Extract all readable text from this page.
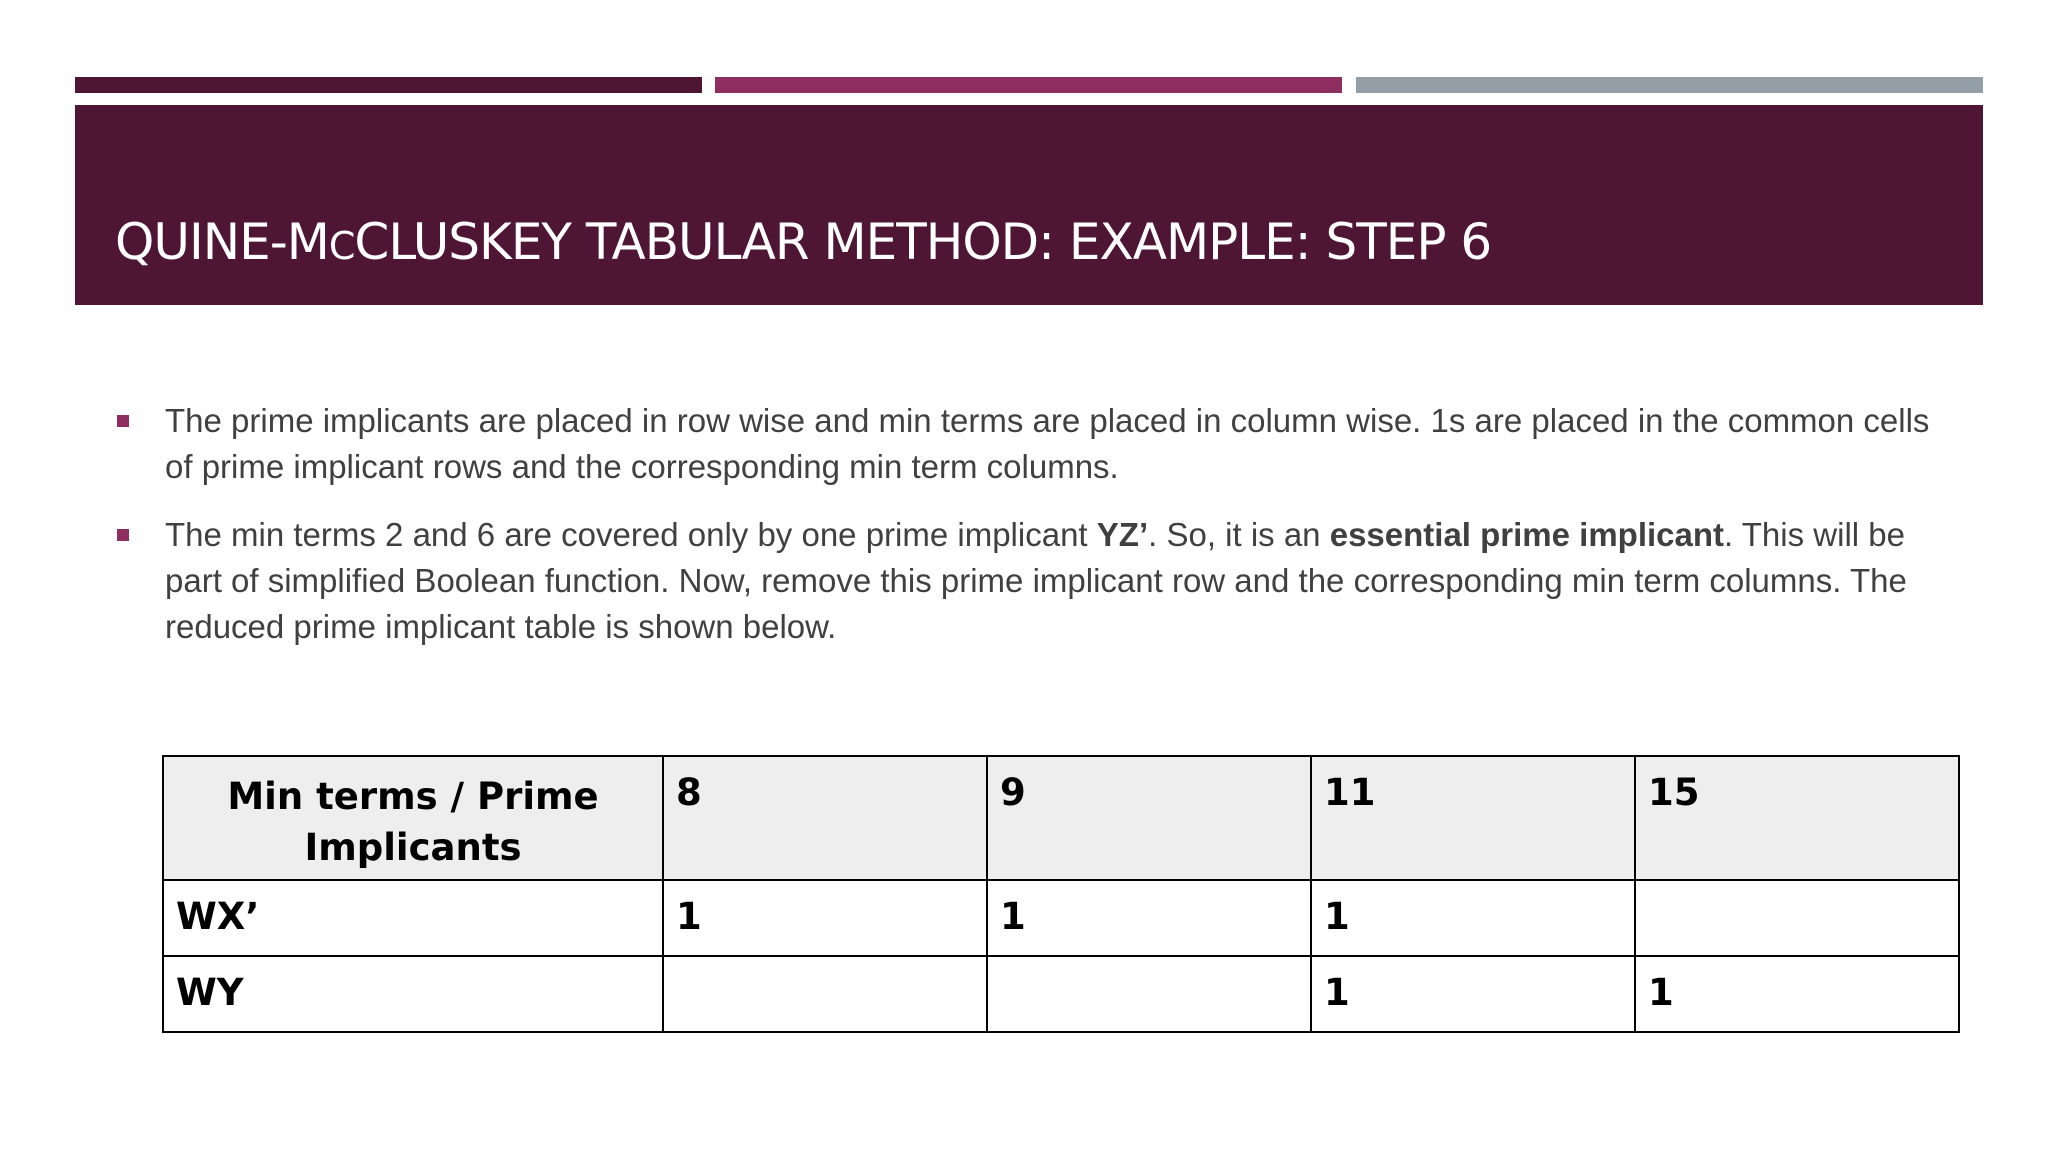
QUINE-MCCLUSKEY TABULAR METHOD: EXAMPLE: STEP 6
The prime implicants are placed in row wise and min terms are placed in column wise. 1s are placed in the common cells of prime implicant rows and the corresponding min term columns.
The min terms 2 and 6 are covered only by one prime implicant YZ’. So, it is an essential prime implicant. This will be part of simplified Boolean function. Now, remove this prime implicant row and the corresponding min term columns. The reduced prime implicant table is shown below.
Min terms / Prime Implicants	8	9	11	15
WX’	1	1	1	
WY			1	1
